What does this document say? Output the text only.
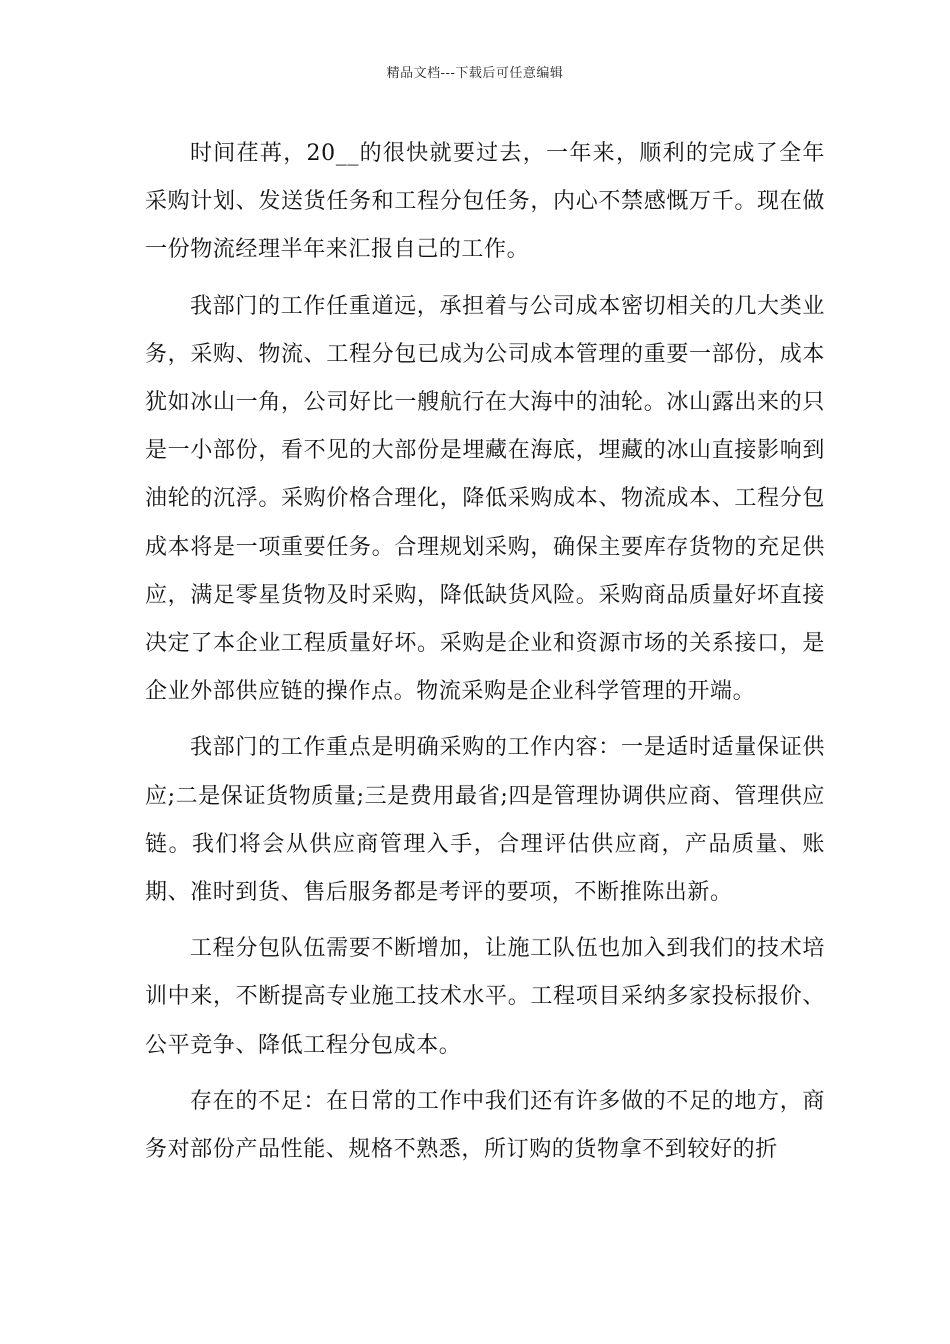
精品文档---下载后可任意编辑

时间荏苒，20__的很快就要过去，一年来，顺利的完成了全年采购计划、发送货任务和工程分包任务，内心不禁感慨万千。现在做一份物流经理半年来汇报自己的工作。

我部门的工作任重道远，承担着与公司成本密切相关的几大类业务，采购、物流、工程分包已成为公司成本管理的重要一部份，成本犹如冰山一角，公司好比一艘航行在大海中的油轮。冰山露出来的只是一小部份，看不见的大部份是埋藏在海底，埋藏的冰山直接影响到油轮的沉浮。采购价格合理化，降低采购成本、物流成本、工程分包成本将是一项重要任务。合理规划采购，确保主要库存货物的充足供应，满足零星货物及时采购，降低缺货风险。采购商品质量好坏直接决定了本企业工程质量好坏。采购是企业和资源市场的关系接口，是企业外部供应链的操作点。物流采购是企业科学管理的开端。

我部门的工作重点是明确采购的工作内容：一是适时适量保证供应;二是保证货物质量;三是费用最省;四是管理协调供应商、管理供应链。我们将会从供应商管理入手，合理评估供应商，产品质量、账期、准时到货、售后服务都是考评的要项，不断推陈出新。

工程分包队伍需要不断增加，让施工队伍也加入到我们的技术培训中来，不断提高专业施工技术水平。工程项目采纳多家投标报价、公平竞争、降低工程分包成本。

存在的不足：在日常的工作中我们还有许多做的不足的地方，商务对部份产品性能、规格不熟悉，所订购的货物拿不到较好的折
